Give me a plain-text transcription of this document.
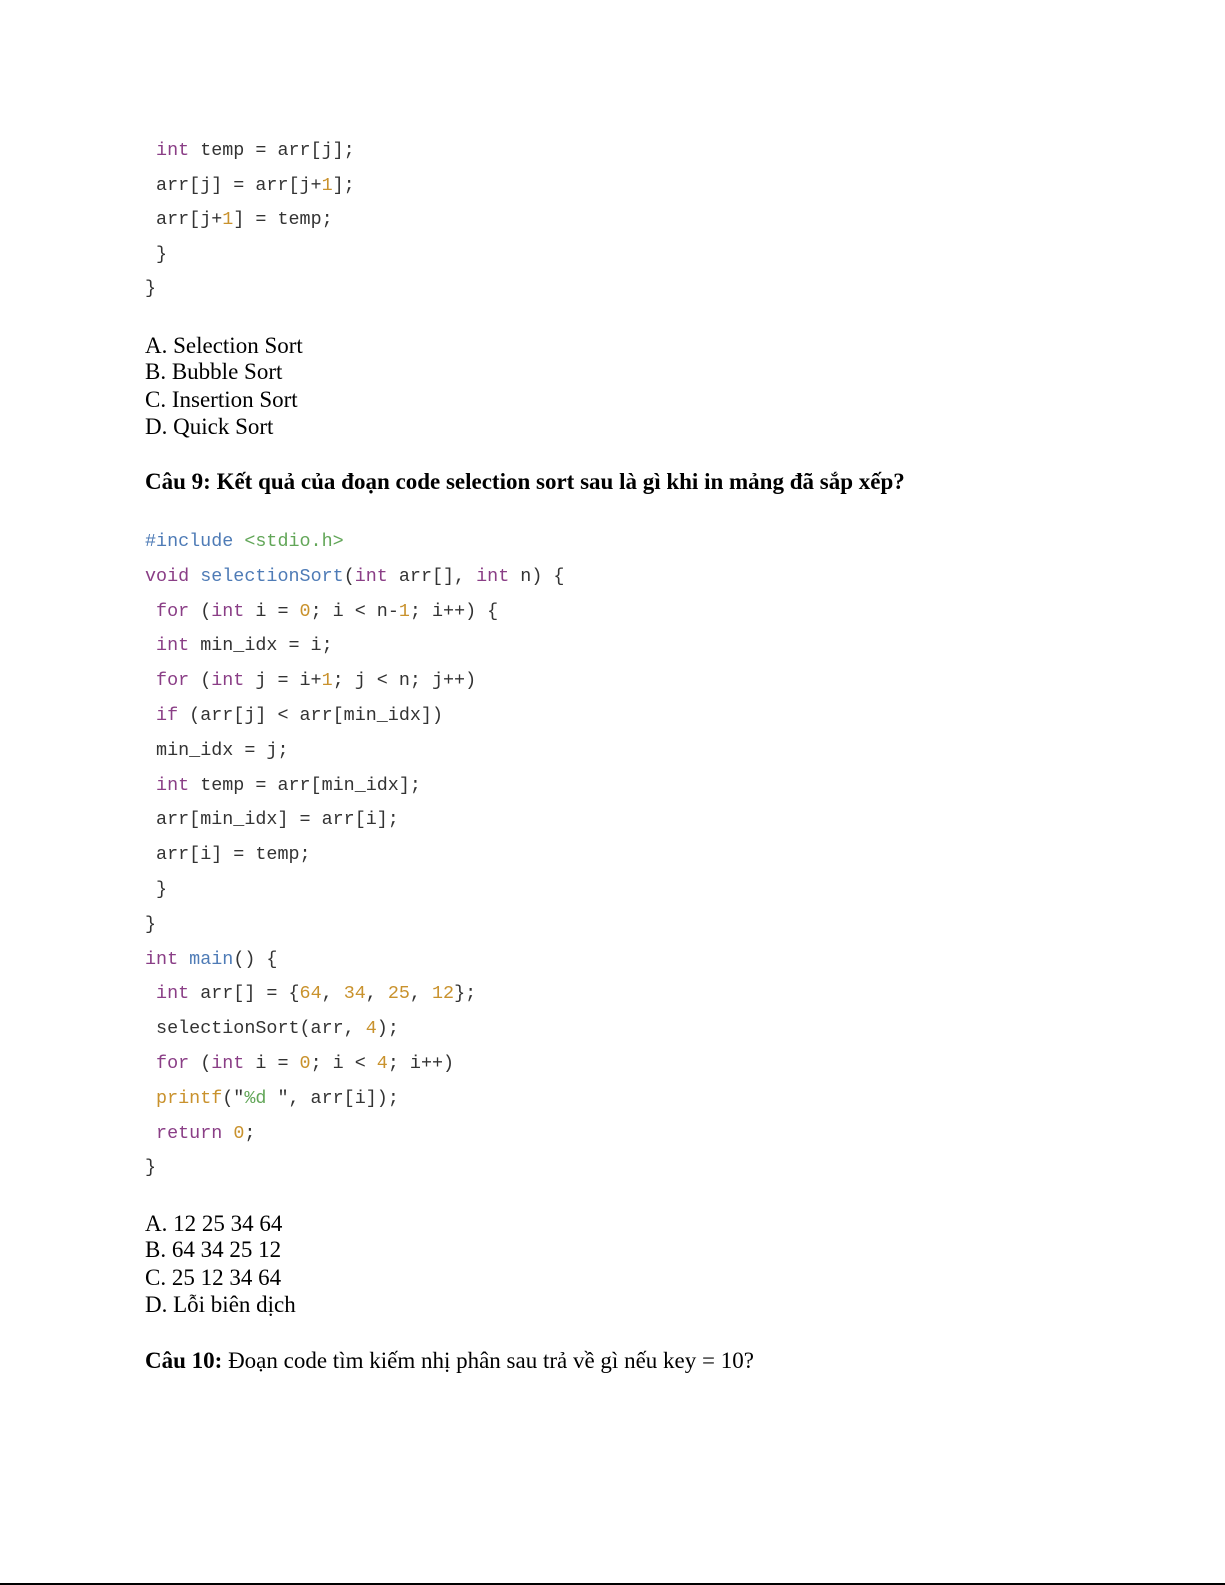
int temp = arr[j];
arr[j] = arr[j+1];
arr[j+1] = temp;
}
}
A. Selection Sort
B. Bubble Sort
C. Insertion Sort
D. Quick Sort
Câu 9: Kết quả của đoạn code selection sort sau là gì khi in mảng đã sắp xếp?
#include <stdio.h>
void selectionSort(int arr[], int n) {
for (int i = 0; i < n-1; i++) {
int min_idx = i;
for (int j = i+1; j < n; j++)
if (arr[j] < arr[min_idx])
min_idx = j;
int temp = arr[min_idx];
arr[min_idx] = arr[i];
arr[i] = temp;
}
}
int main() {
int arr[] = {64, 34, 25, 12};
selectionSort(arr, 4);
for (int i = 0; i < 4; i++)
printf("%d ", arr[i]);
return 0;
}
A. 12 25 34 64
B. 64 34 25 12
C. 25 12 34 64
D. Lỗi biên dịch
Câu 10: Đoạn code tìm kiếm nhị phân sau trả về gì nếu key = 10?
